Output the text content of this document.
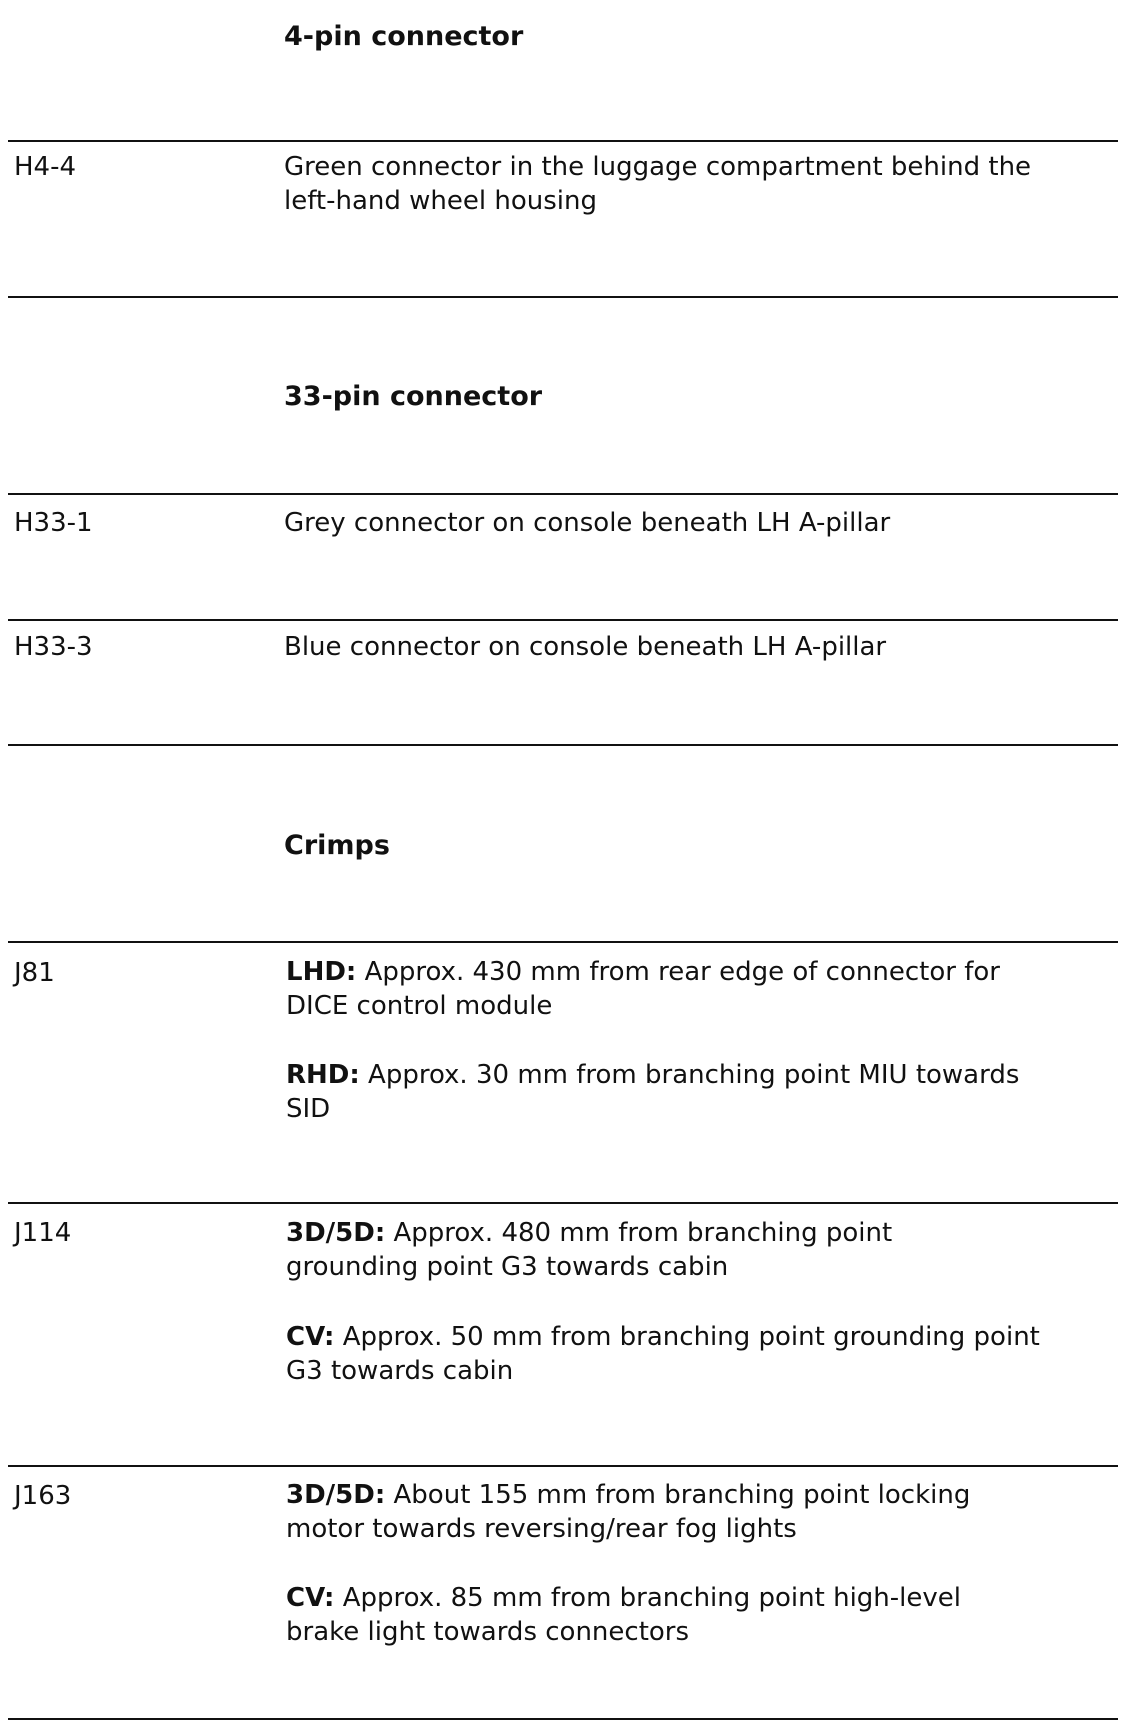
4-pin connector
H4-4	Green connector in the luggage compartment behind the
left-hand wheel housing
33-pin connector
H33-1	Grey connector on console beneath LH A-pillar
H33-3	Blue connector on console beneath LH A-pillar
Crimps
J81	LHD: Approx. 430 mm from rear edge of connector for
DICE control module
RHD: Approx. 30 mm from branching point MIU towards
SID
J114	3D/5D: Approx. 480 mm from branching point
grounding point G3 towards cabin
CV: Approx. 50 mm from branching point grounding point
G3 towards cabin
J163	3D/5D: About 155 mm from branching point locking
motor towards reversing/rear fog lights
CV: Approx. 85 mm from branching point high-level
brake light towards connectors
